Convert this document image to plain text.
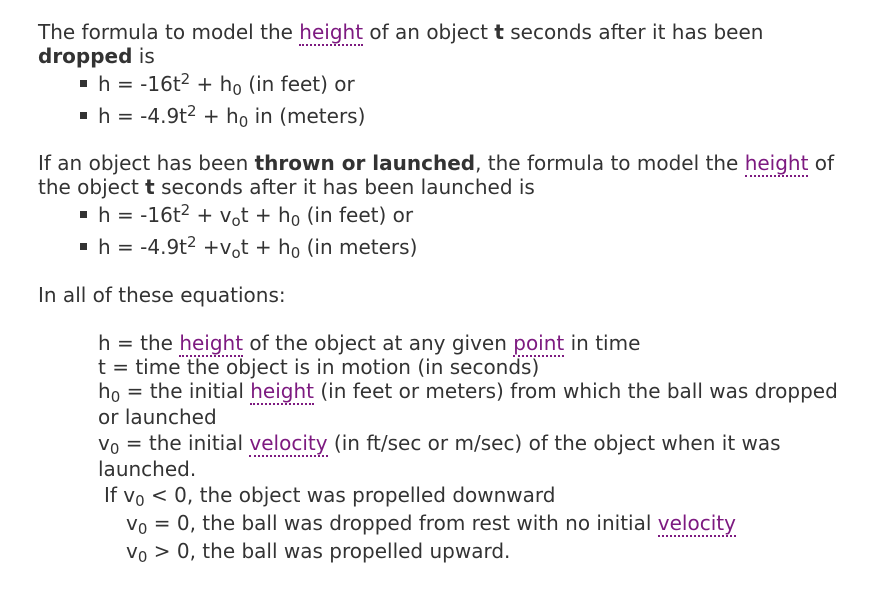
The formula to model the height of an object t seconds after it has been
dropped is

$h = -16t^2 + h_0$ (in feet) or
$h = -4.9t^2 + h_0$ in (meters)

If an object has been thrown or launched, the formula to model the height of
the object t seconds after it has been launched is

$h = -16t^2 + v_ot + h_0$ (in feet) or
$h = -4.9t^2 +v_ot + h_0$ (in meters)

In all of these equations:

h = the height of the object at any given point in time

t = time the object is in motion (in seconds)

$h_0$ = the initial height (in feet or meters) from which the ball was dropped

or launched

$v_0$ = the initial velocity (in ft/sec or m/sec) of the object when it was

launched.

If $v_0 < 0$, the object was propelled downward

$v_0 = 0$, the ball was dropped from rest with no initial velocity

$v_0 > 0$, the ball was propelled upward.
